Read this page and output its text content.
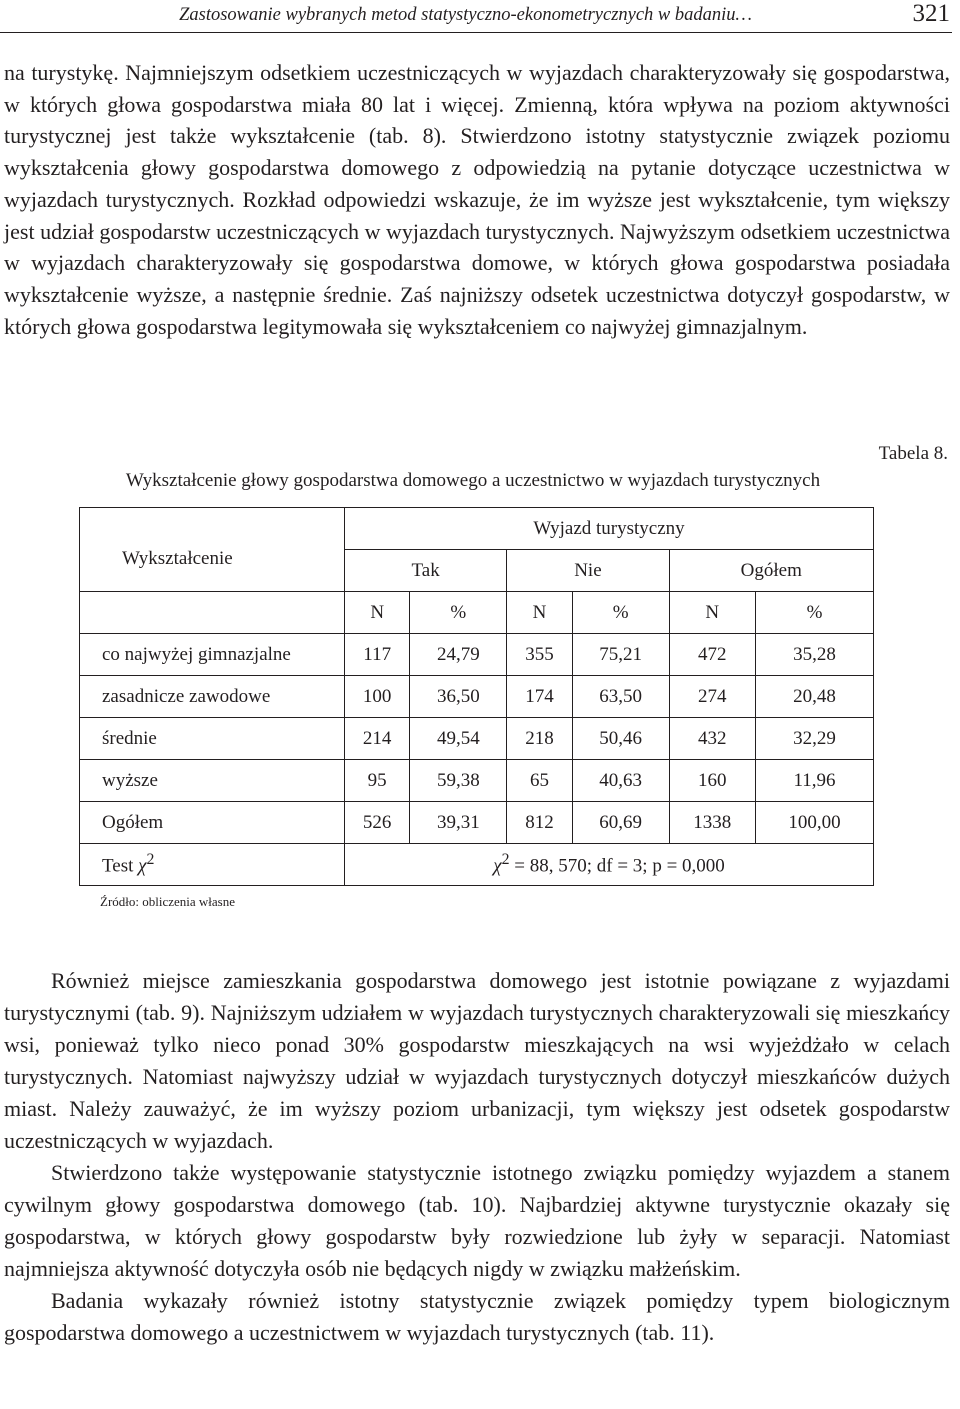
Zastosowanie wybranych metod statystyczno-ekonometrycznych w badaniu…	321

na turystykę. Najmniejszym odsetkiem uczestniczących w wyjazdach charakteryzowały się gospodarstwa, w których głowa gospodarstwa miała 80 lat i więcej. Zmienną, która wpływa na poziom aktywności turystycznej jest także wykształcenie (tab. 8). Stwierdzono istotny statystycznie związek poziomu wykształcenia głowy gospodarstwa domowego z odpowiedzią na pytanie dotyczące uczestnictwa w wyjazdach turystycznych. Rozkład odpowiedzi wskazuje, że im wyższe jest wykształcenie, tym większy jest udział gospodarstw uczestniczących w wyjazdach turystycznych. Najwyższym odsetkiem uczestnictwa w wyjazdach charakteryzowały się gospodarstwa domowe, w których głowa gospodarstwa posiadała wykształcenie wyższe, a następnie średnie. Zaś najniższy odsetek uczestnictwa dotyczył gospodarstw, w których głowa gospodarstwa legitymowała się wykształceniem co najwyżej gimnazjalnym.

Tabela 8.
Wykształcenie głowy gospodarstwa domowego a uczestnictwo w wyjazdach turystycznych
Wykształcenie	Wyjazd turystyczny					
	Tak		Nie		Ogółem	
	N	%	N	%	N	%
co najwyżej gimnazjalne	117	24,79	355	75,21	472	35,28
zasadnicze zawodowe	100	36,50	174	63,50	274	20,48
średnie	214	49,54	218	50,46	432	32,29
wyższe	95	59,38	65	40,63	160	11,96
Ogółem	526	39,31	812	60,69	1338	100,00
Test $\chi^2$	$\chi^2 = 88$, 570; df = 3; p = 0,000					
Źródło: obliczenia własne

Również miejsce zamieszkania gospodarstwa domowego jest istotnie powiązane z wyjazdami turystycznymi (tab. 9). Najniższym udziałem w wyjazdach turystycznych charakteryzowali się mieszkańcy wsi, ponieważ tylko nieco ponad 30% gospodarstw mieszkających na wsi wyjeżdżało w celach turystycznych. Natomiast najwyższy udział w wyjazdach turystycznych dotyczył mieszkańców dużych miast. Należy zauważyć, że im wyższy poziom urbanizacji, tym większy jest odsetek gospodarstw uczestniczących w wyjazdach.

Stwierdzono także występowanie statystycznie istotnego związku pomiędzy wyjazdem a stanem cywilnym głowy gospodarstwa domowego (tab. 10). Najbardziej aktywne turystycznie okazały się gospodarstwa, w których głowy gospodarstw były rozwiedzione lub żyły w separacji. Natomiast najmniejsza aktywność dotyczyła osób nie będących nigdy w związku małżeńskim.

Badania wykazały również istotny statystycznie związek pomiędzy typem biologicznym gospodarstwa domowego a uczestnictwem w wyjazdach turystycznych (tab. 11).
